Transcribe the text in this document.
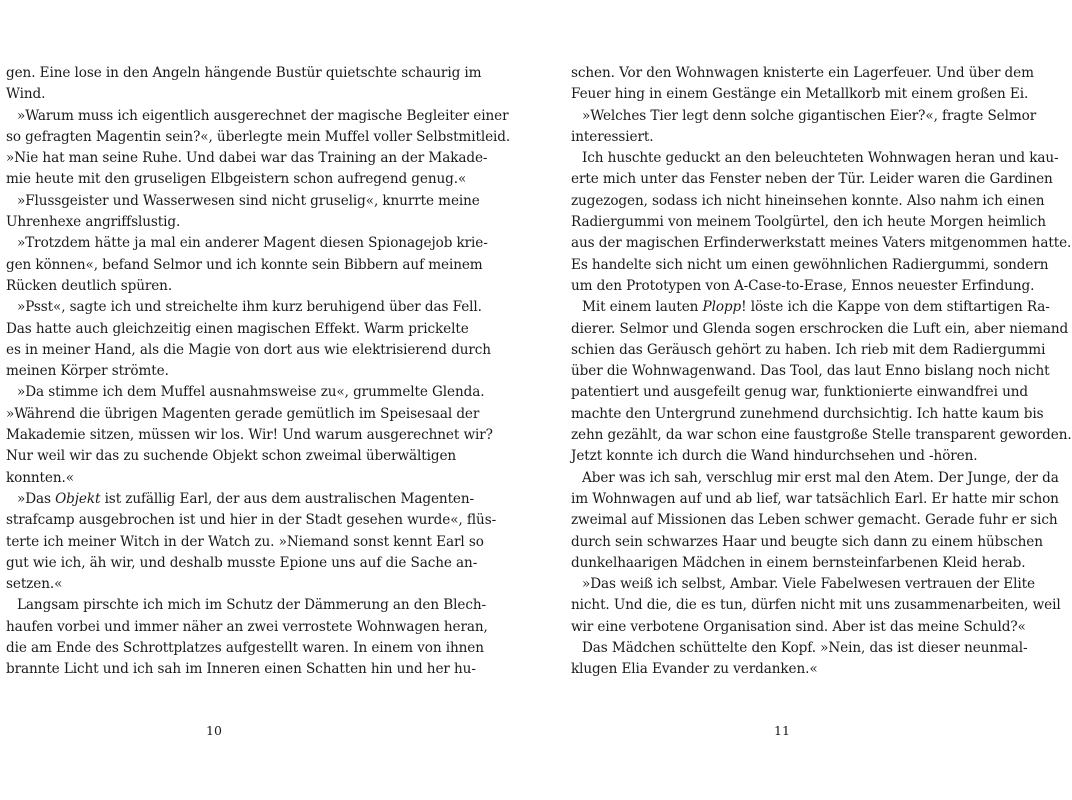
gen. Eine lose in den Angeln hängende Bustür quietschte schaurig im
Wind.
»Warum muss ich eigentlich ausgerechnet der magische Begleiter einer
so gefragten Magentin sein?«, überlegte mein Muffel voller Selbstmitleid.
»Nie hat man seine Ruhe. Und dabei war das Training an der Makade-
mie heute mit den gruseligen Elbgeistern schon aufregend genug.«
»Flussgeister und Wasserwesen sind nicht gruselig«, knurrte meine
Uhrenhexe angriffslustig.
»Trotzdem hätte ja mal ein anderer Magent diesen Spionagejob krie-
gen können«, befand Selmor und ich konnte sein Bibbern auf meinem
Rücken deutlich spüren.
»Psst«, sagte ich und streichelte ihm kurz beruhigend über das Fell.
Das hatte auch gleichzeitig einen magischen Effekt. Warm prickelte
es in meiner Hand, als die Magie von dort aus wie elektrisierend durch
meinen Körper strömte.
»Da stimme ich dem Muffel ausnahmsweise zu«, grummelte Glenda.
»Während die übrigen Magenten gerade gemütlich im Speisesaal der
Makademie sitzen, müssen wir los. Wir! Und warum ausgerechnet wir?
Nur weil wir das zu suchende Objekt schon zweimal überwältigen
konnten.«
»Das Objekt ist zufällig Earl, der aus dem australischen Magenten-
strafcamp ausgebrochen ist und hier in der Stadt gesehen wurde«, flüs-
terte ich meiner Witch in der Watch zu. »Niemand sonst kennt Earl so
gut wie ich, äh wir, und deshalb musste Epione uns auf die Sache an-
setzen.«
Langsam pirschte ich mich im Schutz der Dämmerung an den Blech-
haufen vorbei und immer näher an zwei verrostete Wohnwagen heran,
die am Ende des Schrottplatzes aufgestellt waren. In einem von ihnen
brannte Licht und ich sah im Inneren einen Schatten hin und her hu-
schen. Vor den Wohnwagen knisterte ein Lagerfeuer. Und über dem
Feuer hing in einem Gestänge ein Metallkorb mit einem großen Ei.
»Welches Tier legt denn solche gigantischen Eier?«, fragte Selmor
interessiert.
Ich huschte geduckt an den beleuchteten Wohnwagen heran und kau-
erte mich unter das Fenster neben der Tür. Leider waren die Gardinen
zugezogen, sodass ich nicht hineinsehen konnte. Also nahm ich einen
Radiergummi von meinem Toolgürtel, den ich heute Morgen heimlich
aus der magischen Erfinderwerkstatt meines Vaters mitgenommen hatte.
Es handelte sich nicht um einen gewöhnlichen Radiergummi, sondern
um den Prototypen von A-Case-to-Erase, Ennos neuester Erfindung.
Mit einem lauten Plopp! löste ich die Kappe von dem stiftartigen Ra-
dierer. Selmor und Glenda sogen erschrocken die Luft ein, aber niemand
schien das Geräusch gehört zu haben. Ich rieb mit dem Radiergummi
über die Wohnwagenwand. Das Tool, das laut Enno bislang noch nicht
patentiert und ausgefeilt genug war, funktionierte einwandfrei und
machte den Untergrund zunehmend durchsichtig. Ich hatte kaum bis
zehn gezählt, da war schon eine faustgroße Stelle transparent geworden.
Jetzt konnte ich durch die Wand hindurchsehen und -hören.
Aber was ich sah, verschlug mir erst mal den Atem. Der Junge, der da
im Wohnwagen auf und ab lief, war tatsächlich Earl. Er hatte mir schon
zweimal auf Missionen das Leben schwer gemacht. Gerade fuhr er sich
durch sein schwarzes Haar und beugte sich dann zu einem hübschen
dunkelhaarigen Mädchen in einem bernsteinfarbenen Kleid herab.
»Das weiß ich selbst, Ambar. Viele Fabelwesen vertrauen der Elite
nicht. Und die, die es tun, dürfen nicht mit uns zusammenarbeiten, weil
wir eine verbotene Organisation sind. Aber ist das meine Schuld?«
Das Mädchen schüttelte den Kopf. »Nein, das ist dieser neunmal-
klugen Elia Evander zu verdanken.«
10	11
